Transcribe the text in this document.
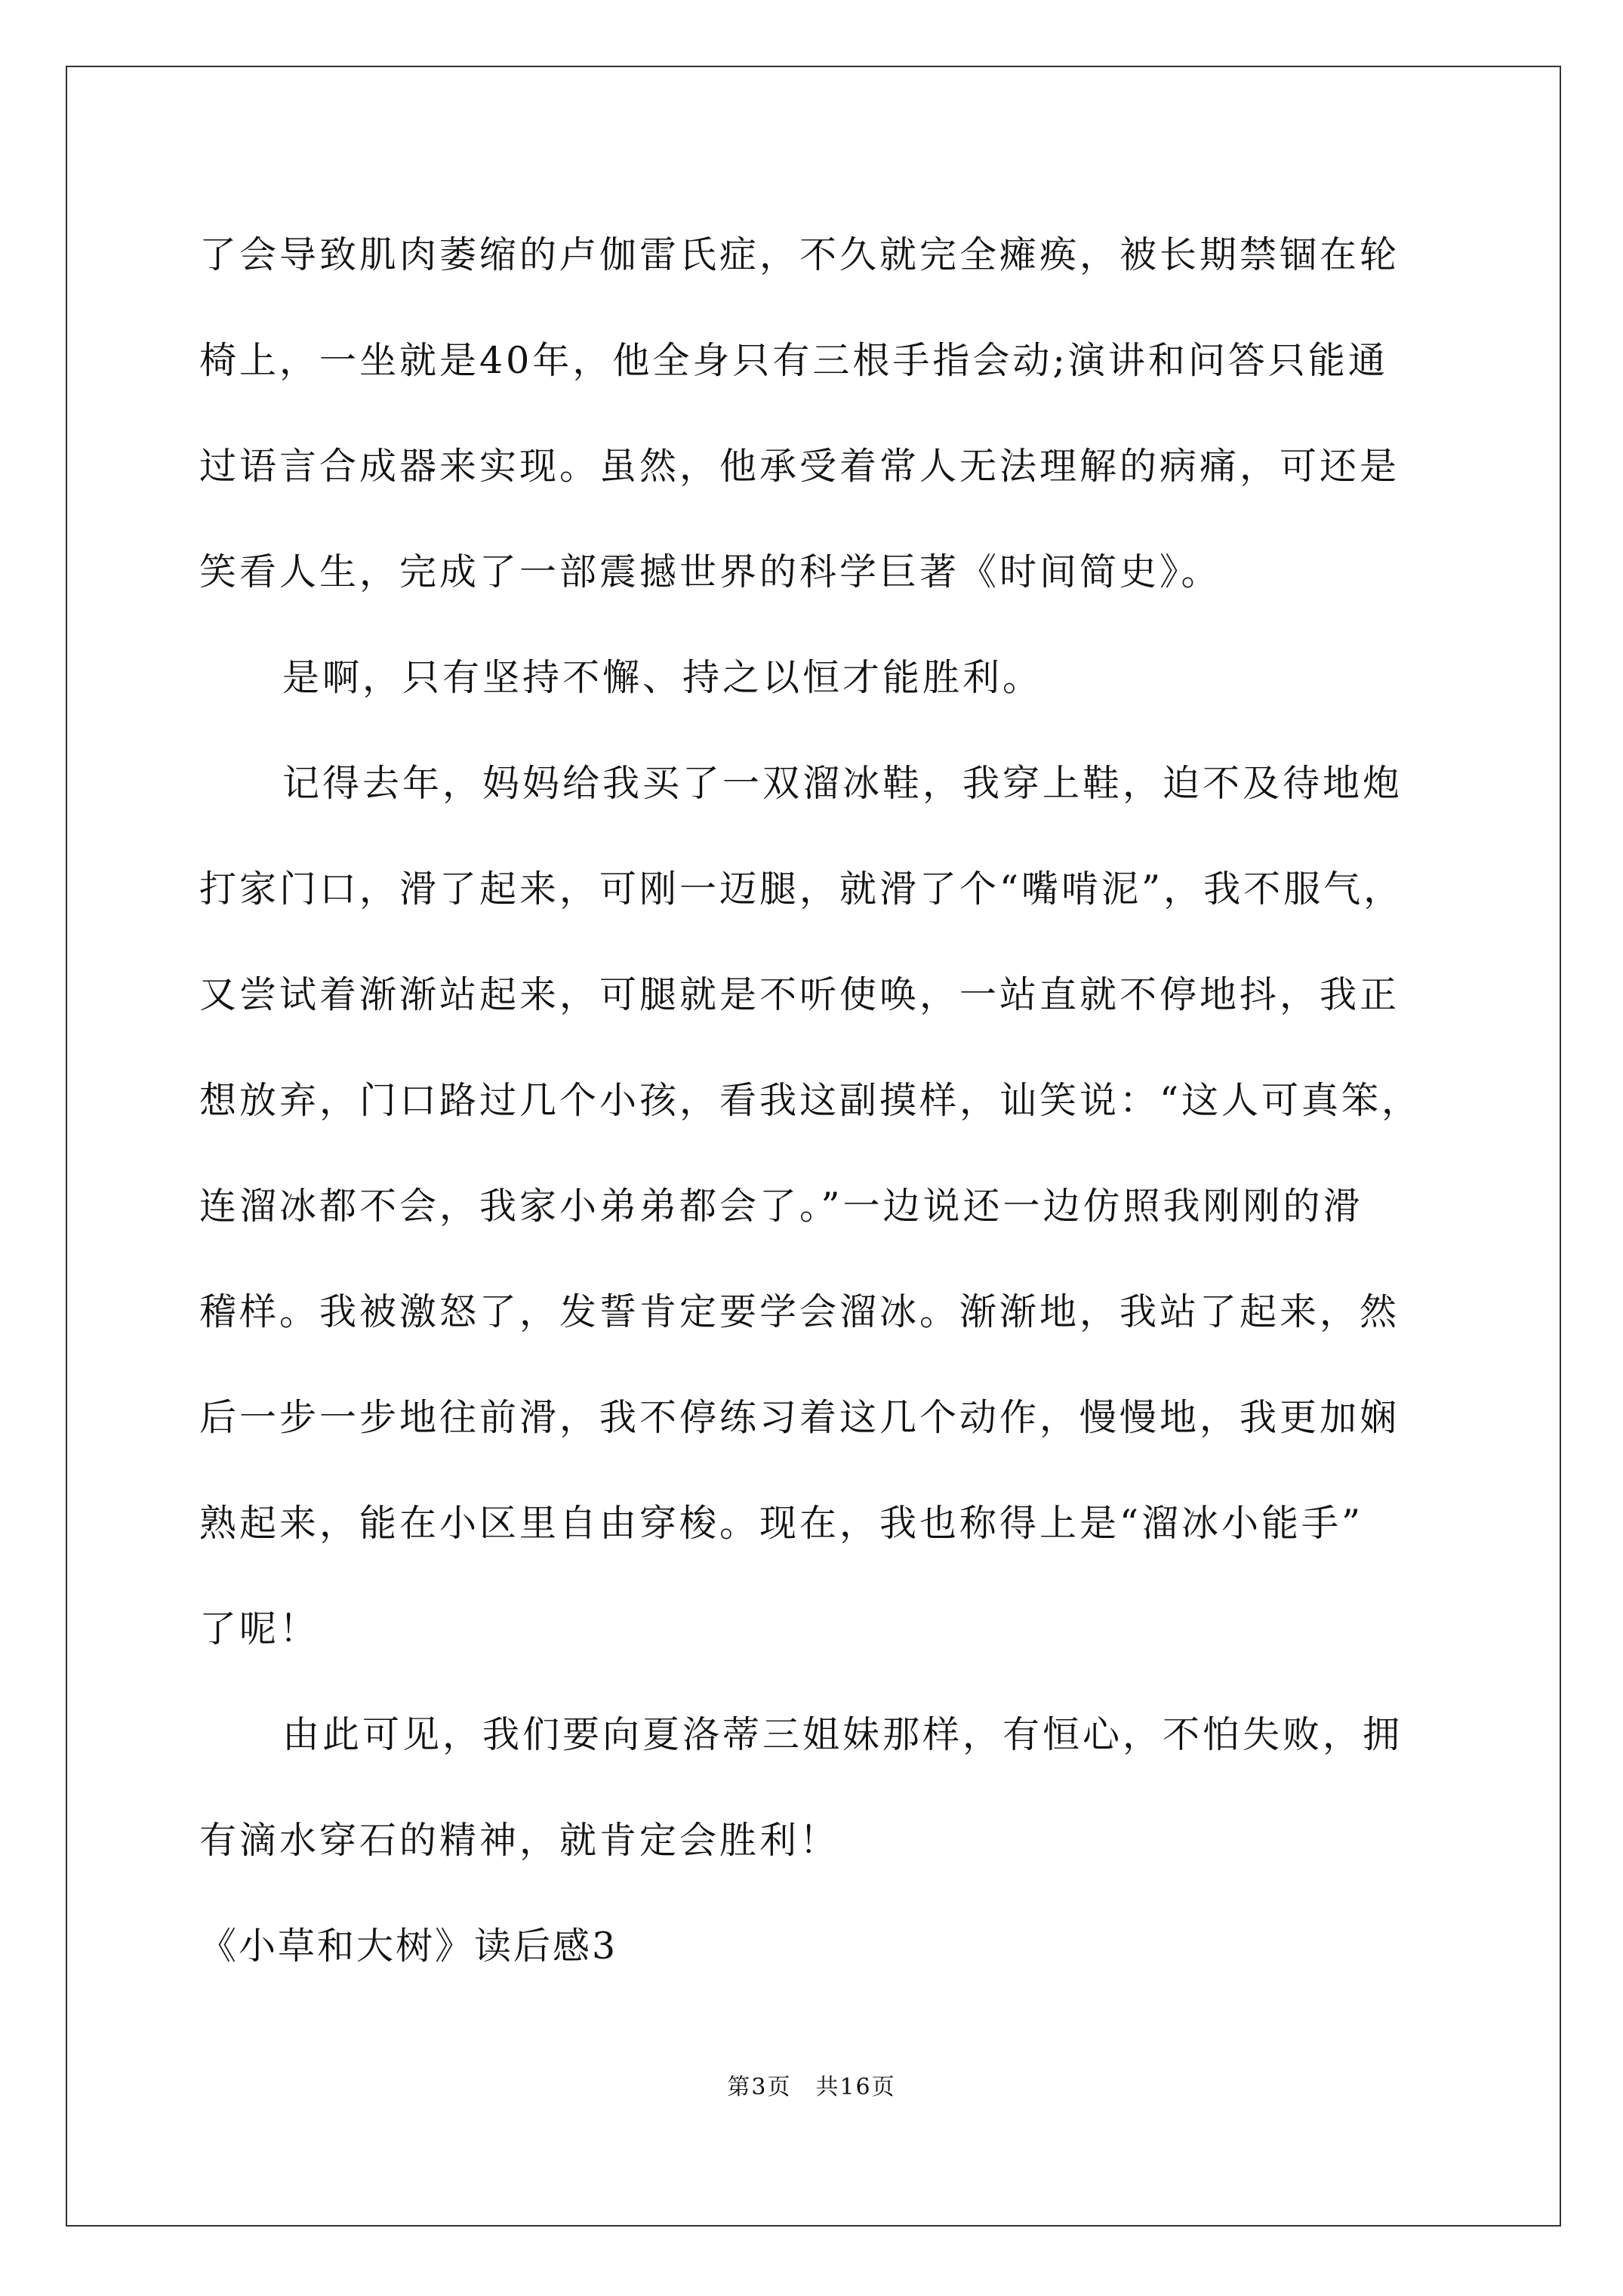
了会导致肌肉萎缩的卢伽雷氏症，不久就完全瘫痪，被长期禁锢在轮
椅上，一坐就是40年，他全身只有三根手指会动;演讲和问答只能通
过语言合成器来实现。虽然，他承受着常人无法理解的病痛，可还是
笑看人生，完成了一部震撼世界的科学巨著《时间简史》。
是啊，只有坚持不懈、持之以恒才能胜利。
记得去年，妈妈给我买了一双溜冰鞋，我穿上鞋，迫不及待地炮
打家门口，滑了起来，可刚一迈腿，就滑了个“嘴啃泥”，我不服气，
又尝试着渐渐站起来，可腿就是不听使唤，一站直就不停地抖，我正
想放弃，门口路过几个小孩，看我这副摸样，讪笑说：“这人可真笨，
连溜冰都不会，我家小弟弟都会了。”一边说还一边仿照我刚刚的滑
稽样。我被激怒了，发誓肯定要学会溜冰。渐渐地，我站了起来，然
后一步一步地往前滑，我不停练习着这几个动作，慢慢地，我更加娴
熟起来，能在小区里自由穿梭。现在，我也称得上是“溜冰小能手”
了呢！
由此可见，我们要向夏洛蒂三姐妹那样，有恒心，不怕失败，拥
有滴水穿石的精神，就肯定会胜利！
《小草和大树》读后感3
第3页　共16页
